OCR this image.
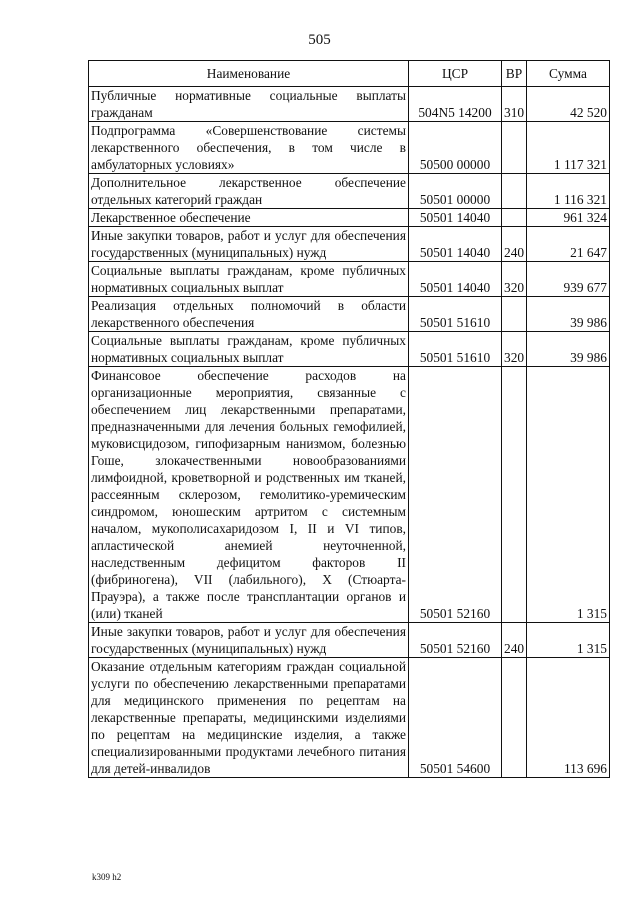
505
Наименование	ЦСР	ВР	Сумма
Публичные нормативные социальные выплаты гражданам	504N5 14200	310	42 520
Подпрограмма «Совершенствование системы лекарственного обеспечения, в том числе в амбулаторных условиях»	50500 00000		1 117 321
Дополнительное лекарственное обеспечение отдельных категорий граждан	50501 00000		1 116 321
Лекарственное обеспечение	50501 14040		961 324
Иные закупки товаров, работ и услуг для обеспечения государственных (муниципальных) нужд	50501 14040	240	21 647
Социальные выплаты гражданам, кроме публичных нормативных социальных выплат	50501 14040	320	939 677
Реализация отдельных полномочий в области лекарственного обеспечения	50501 51610		39 986
Социальные выплаты гражданам, кроме публичных нормативных социальных выплат	50501 51610	320	39 986
Финансовое обеспечение расходов на организационные мероприятия, связанные с обеспечением лиц лекарственными препаратами, предназначенными для лечения больных гемофилией, муковисцидозом, гипофизарным нанизмом, болезнью Гоше, злокачественными новообразованиями лимфоидной, кроветворной и родственных им тканей, рассеянным склерозом, гемолитико-уремическим синдромом, юношеским артритом с системным началом, мукополисахаридозом I, II и VI типов, апластической анемией неуточненной, наследственным дефицитом факторов II (фибриногена), VII (лабильного), X (Стюарта-Прауэра), а также после трансплантации органов и (или) тканей	50501 52160		1 315
Иные закупки товаров, работ и услуг для обеспечения государственных (муниципальных) нужд	50501 52160	240	1 315
Оказание отдельным категориям граждан социальной услуги по обеспечению лекарственными препаратами для медицинского применения по рецептам на лекарственные препараты, медицинскими изделиями по рецептам на медицинские изделия, а также специализированными продуктами лечебного питания для детей-инвалидов	50501 54600		113 696
k309 h2
